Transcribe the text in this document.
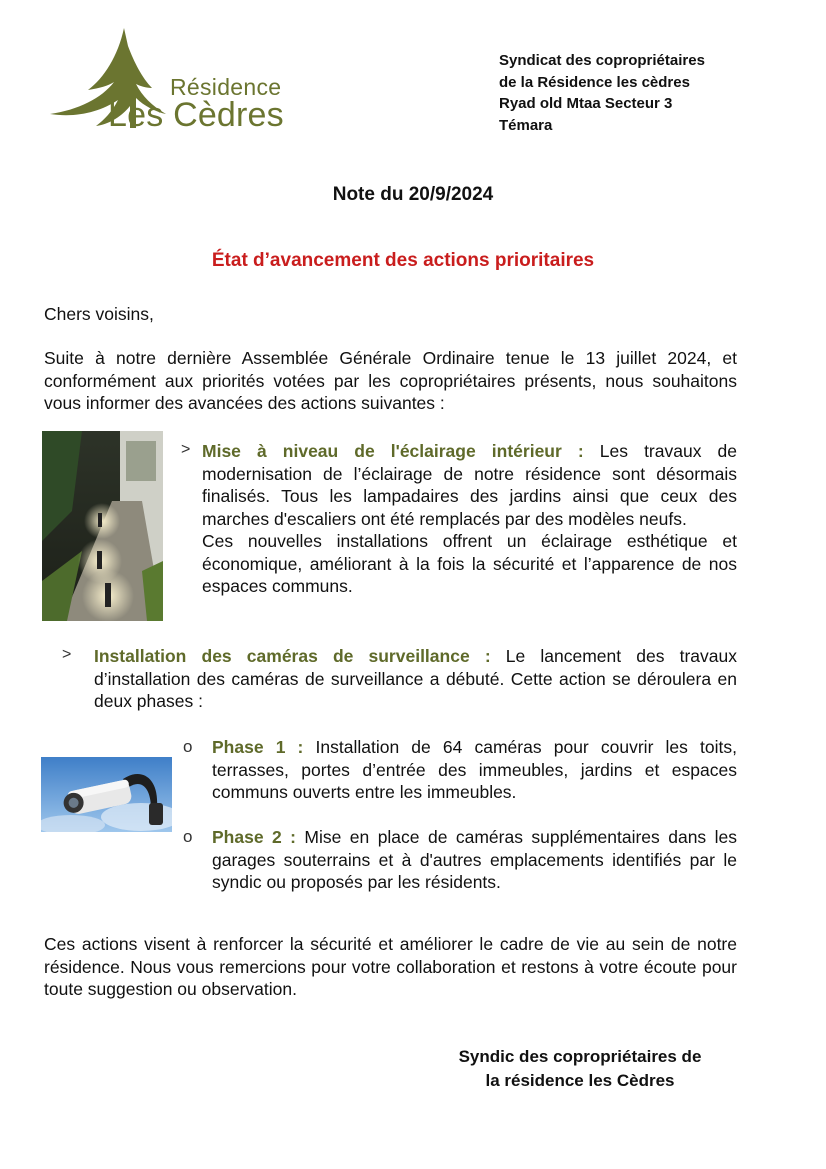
Résidence
Les Cèdres
Syndicat des copropriétaires
de la Résidence les cèdres
Ryad old Mtaa Secteur 3
Témara
Note du 20/9/2024
État d’avancement des actions prioritaires
Chers voisins,
Suite à notre dernière Assemblée Générale Ordinaire tenue le 13 juillet 2024, et conformément aux priorités votées par les copropriétaires présents, nous souhaitons vous informer des avancées des actions suivantes :
> Mise à niveau de l'éclairage intérieur : Les travaux de modernisation de l’éclairage de notre résidence sont désormais finalisés. Tous les lampadaires des jardins ainsi que ceux des marches d'escaliers ont été remplacés par des modèles neufs.
Ces nouvelles installations offrent un éclairage esthétique et économique, améliorant à la fois la sécurité et l’apparence de nos espaces communs.
> Installation des caméras de surveillance : Le lancement des travaux d’installation des caméras de surveillance a débuté. Cette action se déroulera en deux phases :
o Phase 1 : Installation de 64 caméras pour couvrir les toits, terrasses, portes d’entrée des immeubles, jardins et espaces communs ouverts entre les immeubles.
o Phase 2 : Mise en place de caméras supplémentaires dans les garages souterrains et à d'autres emplacements identifiés par le syndic ou proposés par les résidents.
Ces actions visent à renforcer la sécurité et améliorer le cadre de vie au sein de notre résidence. Nous vous remercions pour votre collaboration et restons à votre écoute pour toute suggestion ou observation.
Syndic des copropriétaires de
la résidence les Cèdres
